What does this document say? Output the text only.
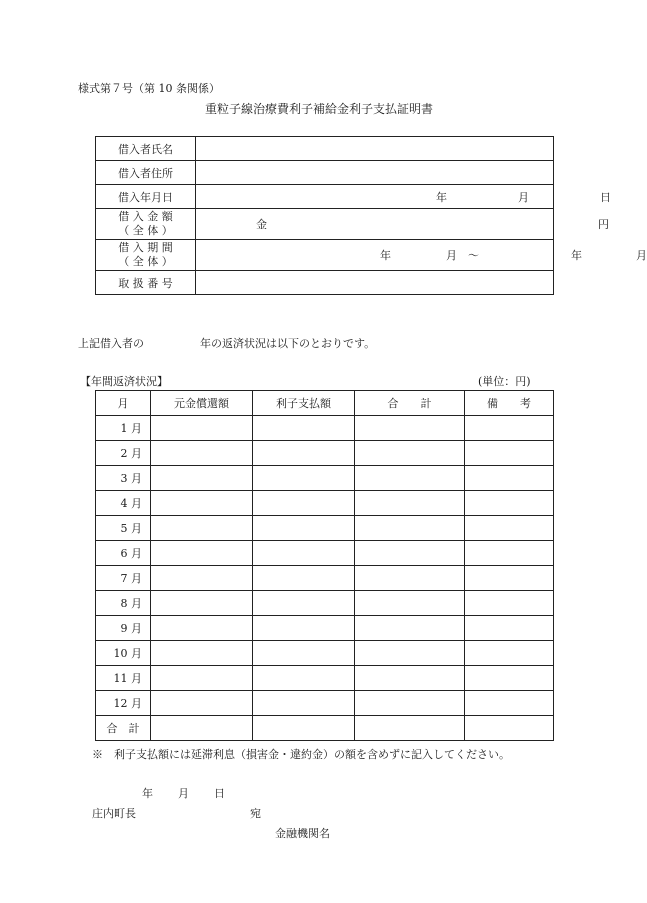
様式第７号（第 10 条関係）
重粒子線治療費利子補給金利子支払証明書
借入者氏名	
借入者住所	
借入年月日	年 月 日

借 入 金 額
（ 全 体 ）	金 円

借 入 期 間
（ 全 体 ）	年 月 ～ 年 月

取 扱 番 号	
上記借入者の	年の返済状況は以下のとおりです。
【年間返済状況】	(単位：円)
月	元金償還額	利子支払額	合　　計	備　　考
1 月				
2 月				
3 月				
4 月				
5 月				
6 月				
7 月				
8 月				
9 月				
10 月				
11 月				
12 月				
合　計				
※　利子支払額には延滞利息（損害金・違約金）の額を含めずに記入してください。
年 月 日
庄内町長	宛
金融機関名
